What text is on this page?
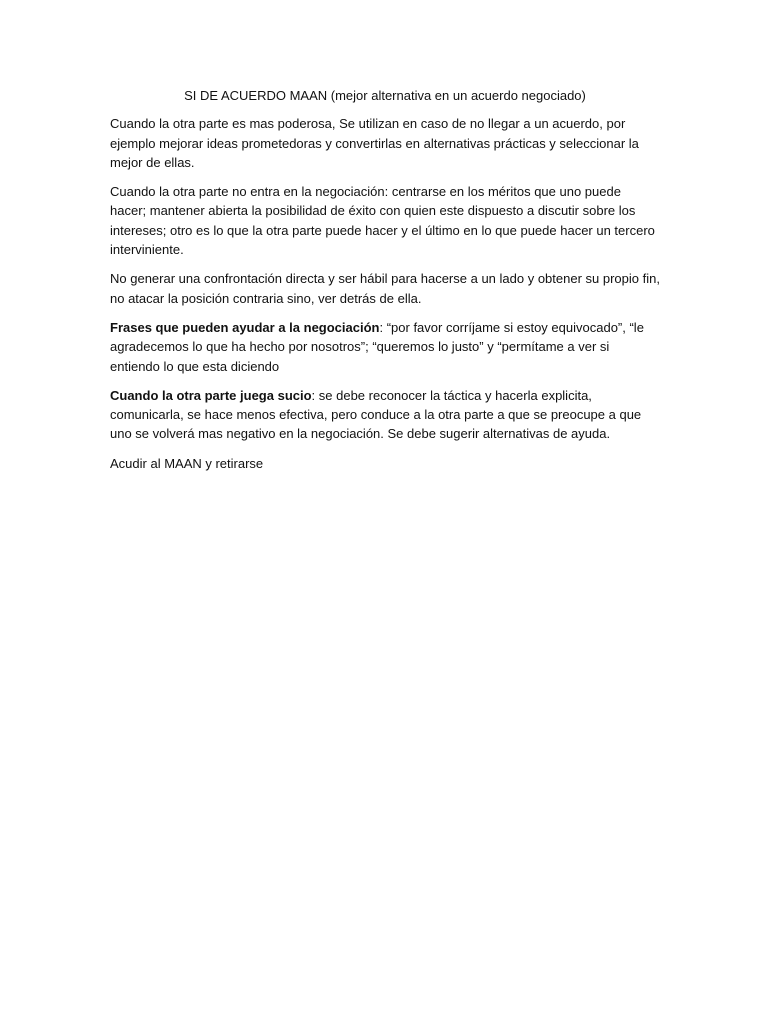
SI DE ACUERDO MAAN (mejor alternativa en un acuerdo negociado)

Cuando la otra parte es mas poderosa, Se utilizan en caso de no llegar a un acuerdo, por ejemplo mejorar ideas prometedoras y convertirlas en alternativas prácticas y seleccionar la mejor de ellas.

Cuando la otra parte no entra en la negociación: centrarse en los méritos que uno puede hacer; mantener abierta la posibilidad de éxito con quien este dispuesto a discutir sobre los intereses; otro es lo que la otra parte puede hacer y el último en lo que puede hacer un tercero interviniente.

No generar una confrontación directa y ser hábil para hacerse a un lado y obtener su propio fin, no atacar la posición contraria sino, ver detrás de ella.

Frases que pueden ayudar a la negociación: “por favor corríjame si estoy equivocado”, “le agradecemos lo que ha hecho por nosotros”; “queremos lo justo” y “permítame a ver si entiendo lo que esta diciendo

Cuando la otra parte juega sucio: se debe reconocer la táctica y hacerla explicita, comunicarla, se hace menos efectiva, pero conduce a la otra parte a que se preocupe a que uno se volverá mas negativo en la negociación. Se debe sugerir alternativas de ayuda.

Acudir al MAAN y retirarse
